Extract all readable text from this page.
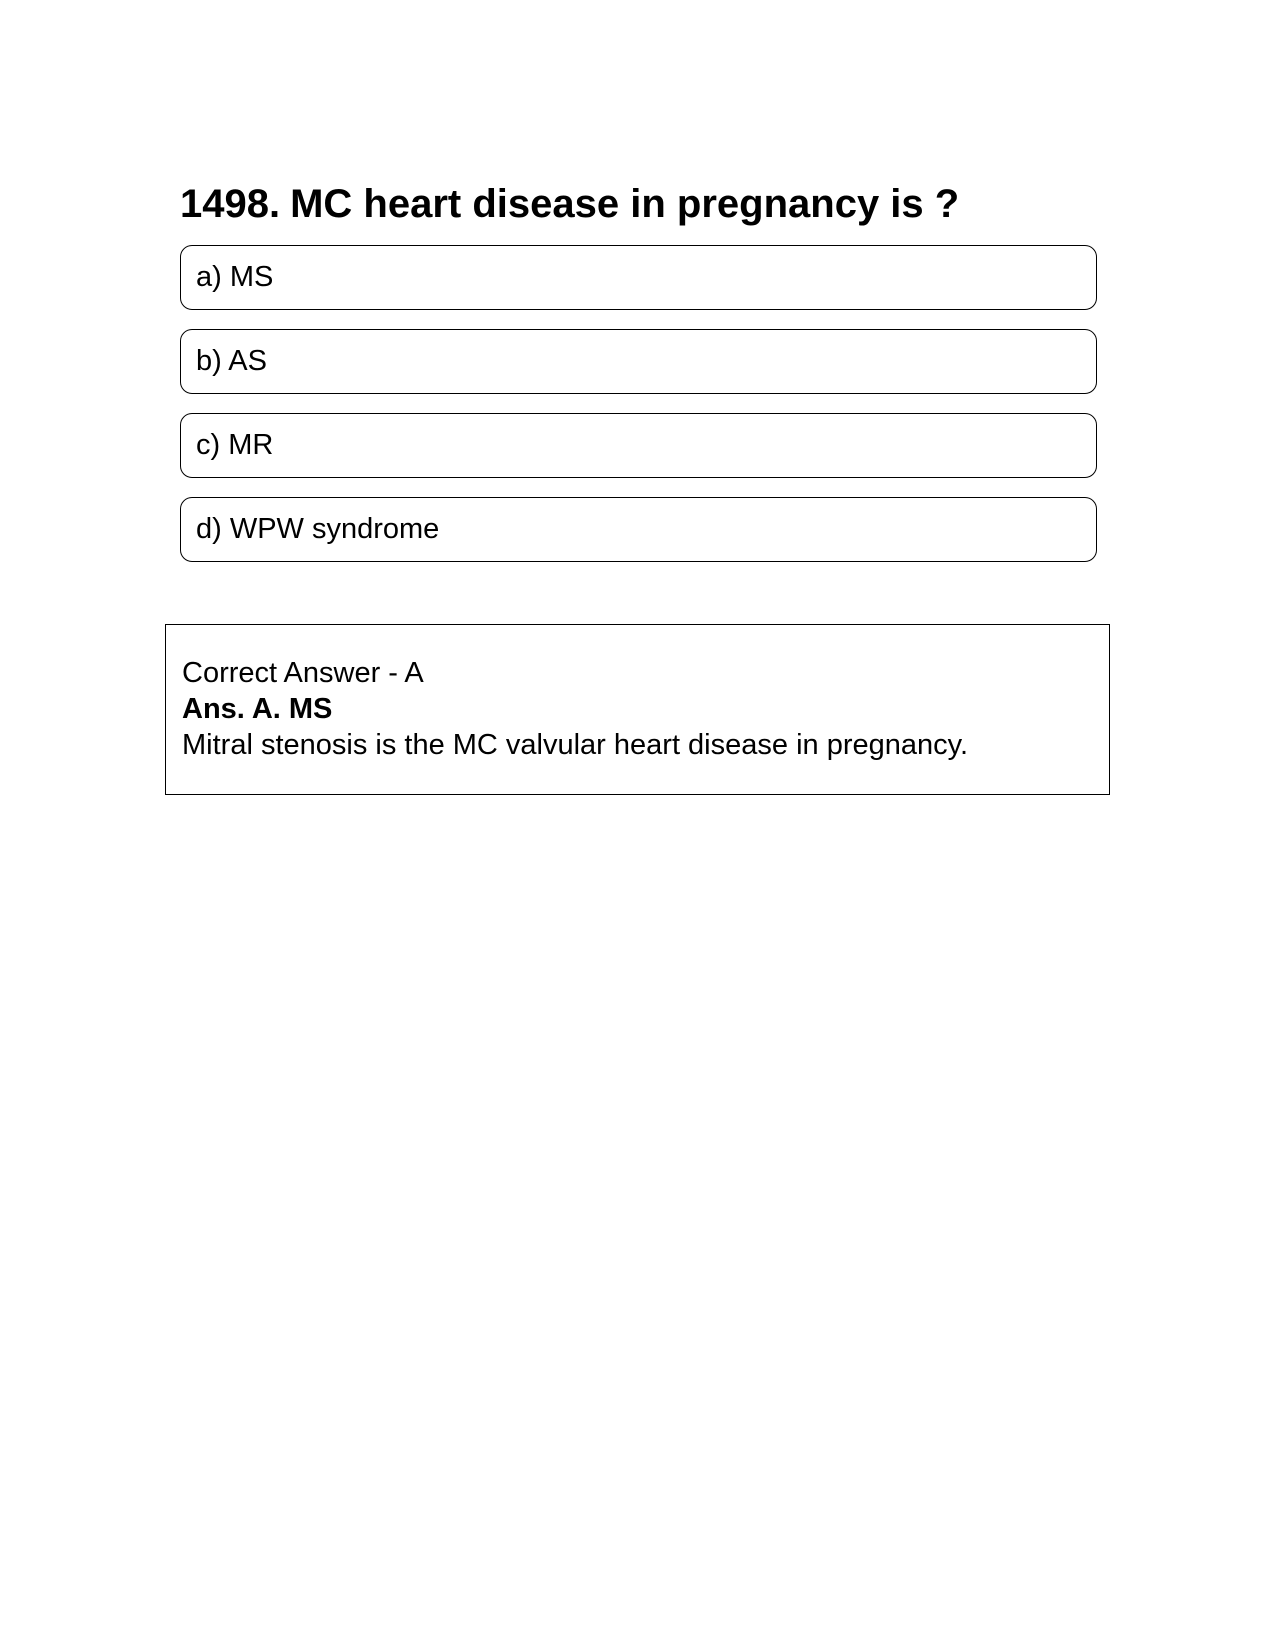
1498. MC heart disease in pregnancy is ?
a) MS
b) AS
c) MR
d) WPW syndrome
Correct Answer - A
Ans. A. MS
Mitral stenosis is the MC valvular heart disease in pregnancy.
